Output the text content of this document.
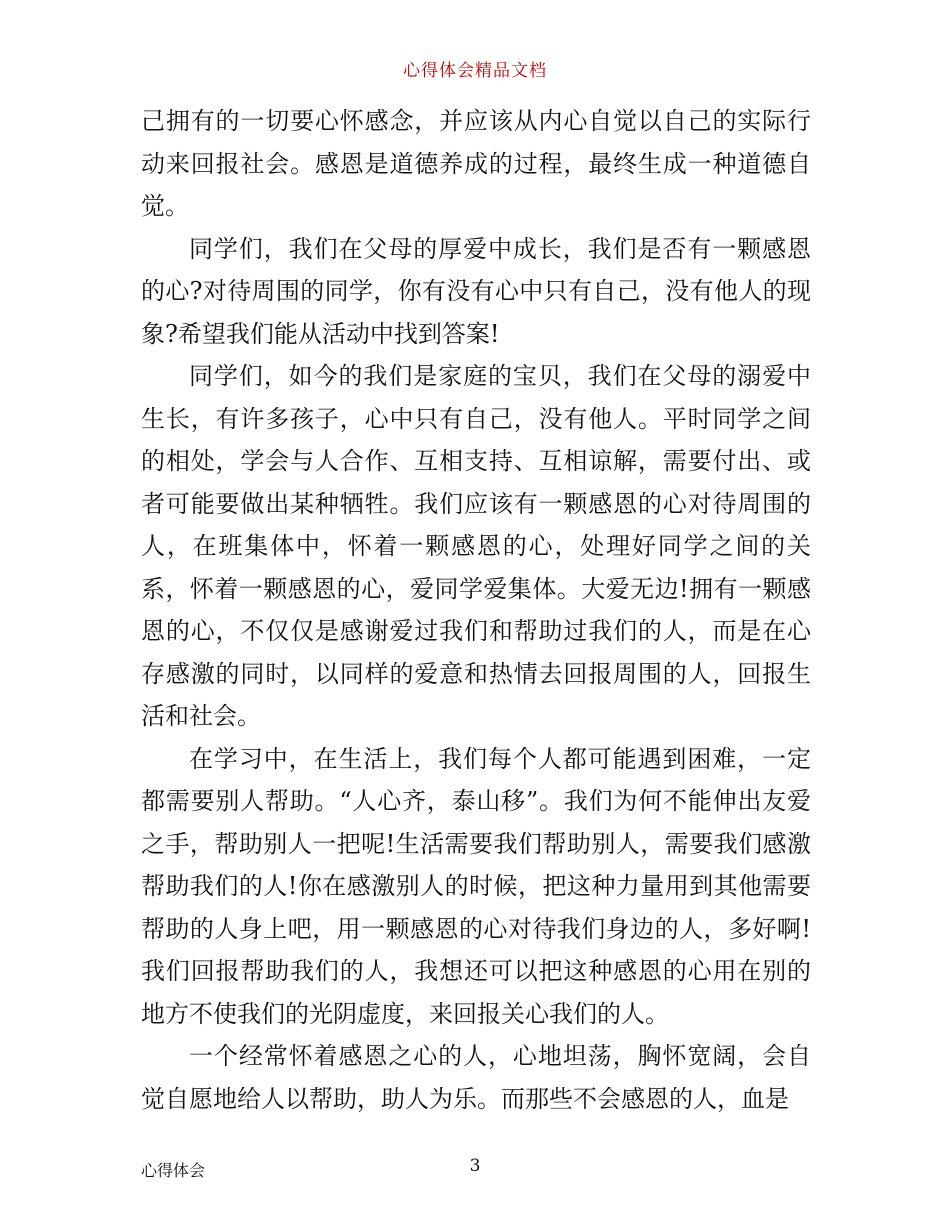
心得体会精品文档

己拥有的一切要心怀感念，并应该从内心自觉以自己的实际行动来回报社会。感恩是道德养成的过程，最终生成一种道德自觉。

同学们，我们在父母的厚爱中成长，我们是否有一颗感恩的心?对待周围的同学，你有没有心中只有自己，没有他人的现象?希望我们能从活动中找到答案!

同学们，如今的我们是家庭的宝贝，我们在父母的溺爱中生长，有许多孩子，心中只有自己，没有他人。平时同学之间的相处，学会与人合作、互相支持、互相谅解，需要付出、或者可能要做出某种牺牲。我们应该有一颗感恩的心对待周围的人，在班集体中，怀着一颗感恩的心，处理好同学之间的关系，怀着一颗感恩的心，爱同学爱集体。大爱无边!拥有一颗感恩的心，不仅仅是感谢爱过我们和帮助过我们的人，而是在心存感激的同时，以同样的爱意和热情去回报周围的人，回报生活和社会。

在学习中，在生活上，我们每个人都可能遇到困难，一定都需要别人帮助。“人心齐，泰山移”。我们为何不能伸出友爱之手，帮助别人一把呢!生活需要我们帮助别人，需要我们感激帮助我们的人!你在感激别人的时候，把这种力量用到其他需要帮助的人身上吧，用一颗感恩的心对待我们身边的人，多好啊!我们回报帮助我们的人，我想还可以把这种感恩的心用在别的地方不使我们的光阴虚度，来回报关心我们的人。

一个经常怀着感恩之心的人，心地坦荡，胸怀宽阔，会自觉自愿地给人以帮助，助人为乐。而那些不会感恩的人，血是

心得体会	3
